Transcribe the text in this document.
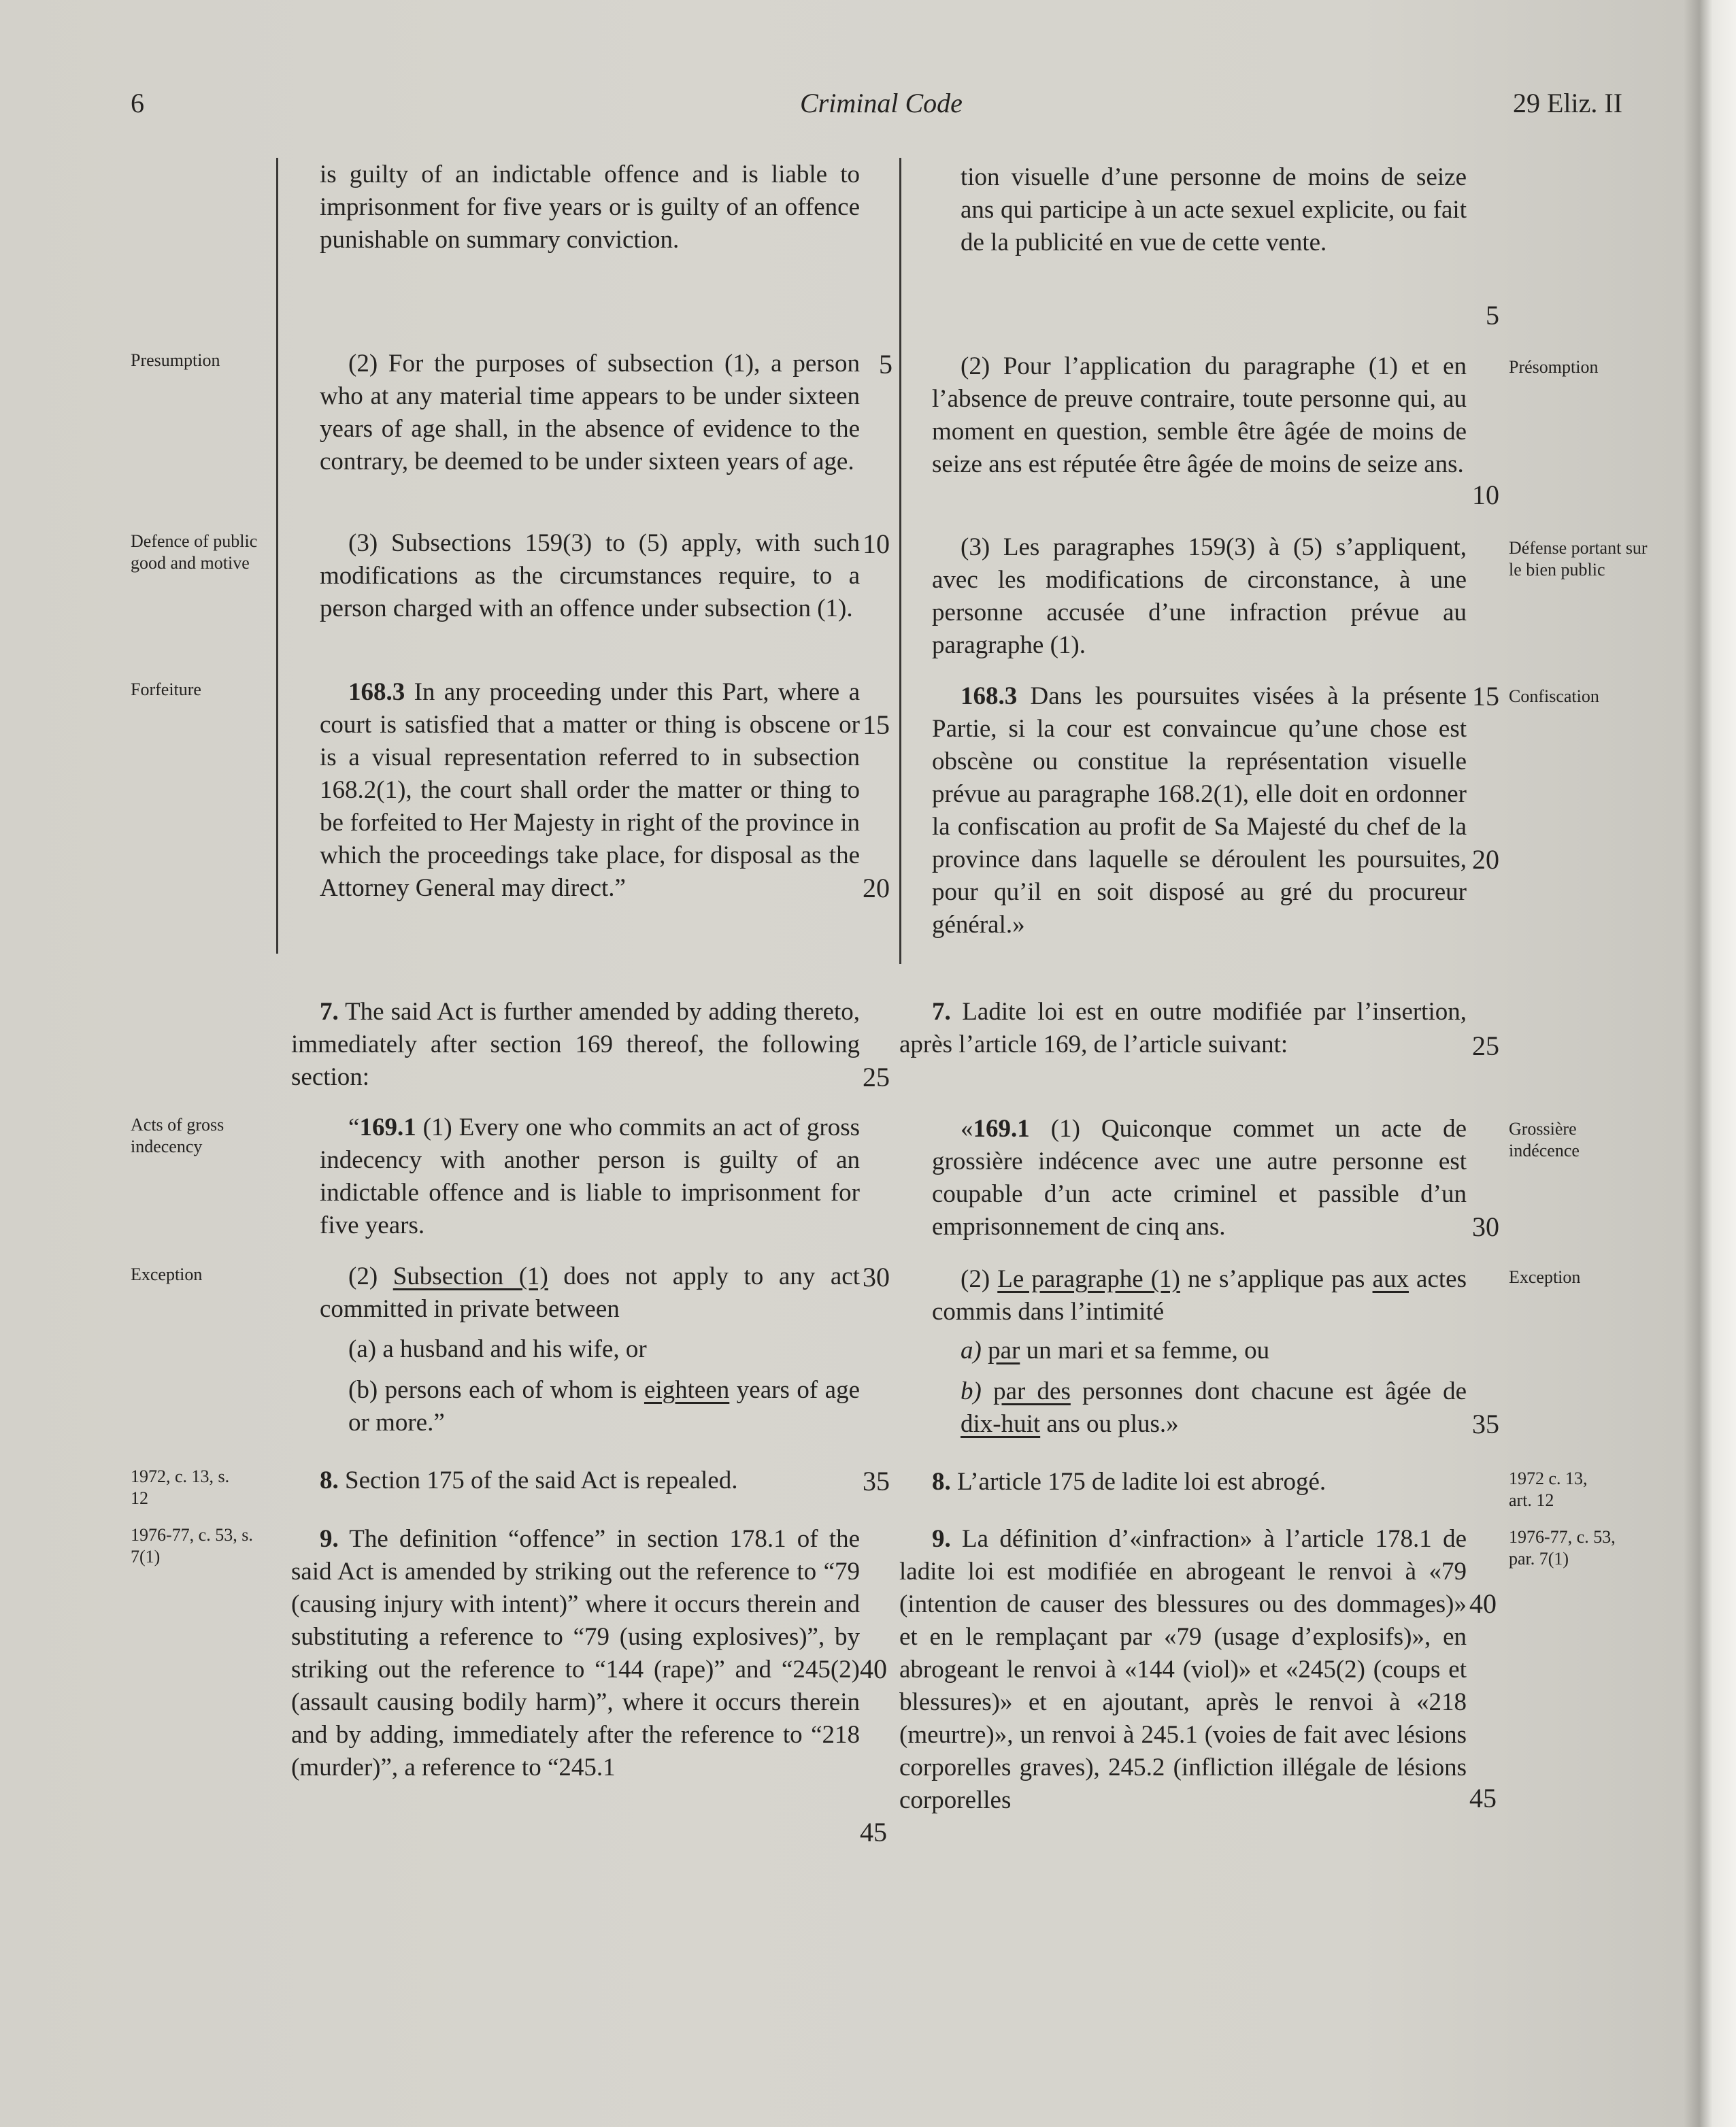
6	Criminal Code	29 Eliz. II
Presumption
Defence of public good and motive
Forfeiture
Acts of gross indecency
Exception
1972, c. 13, s. 12
1976-77, c. 53, s. 7(1)
Présomption
Défense portant sur le bien public
Confiscation
Grossière indécence
Exception
1972 c. 13, art. 12
1976-77, c. 53, par. 7(1)
is guilty of an indictable offence and is liable to imprisonment for five years or is guilty of an offence punishable on summary conviction.
(2) For the purposes of subsection (1), a person who at any material time appears to be under sixteen years of age shall, in the absence of evidence to the contrary, be deemed to be under sixteen years of age.
(3) Subsections 159(3) to (5) apply, with such modifications as the circumstances require, to a person charged with an offence under subsection (1).
168.3 In any proceeding under this Part, where a court is satisfied that a matter or thing is obscene or is a visual representation referred to in subsection 168.2(1), the court shall order the matter or thing to be forfeited to Her Majesty in right of the province in which the proceedings take place, for disposal as the Attorney General may direct.”
7. The said Act is further amended by adding thereto, immediately after section 169 thereof, the following section:
“169.1 (1) Every one who commits an act of gross indecency with another person is guilty of an indictable offence and is liable to imprisonment for five years.
(2) Subsection (1) does not apply to any act committed in private between
(a) a husband and his wife, or
(b) persons each of whom is eighteen years of age or more.”
8. Section 175 of the said Act is repealed.
9. The definition “offence” in section 178.1 of the said Act is amended by striking out the reference to “79 (causing injury with intent)” where it occurs therein and substituting a reference to “79 (using explosives)”, by striking out the reference to “144 (rape)” and “245(2) (assault causing bodily harm)”, where it occurs therein and by adding, immediately after the reference to “218 (murder)”, a reference to “245.1
tion visuelle d’une personne de moins de seize ans qui participe à un acte sexuel explicite, ou fait de la publicité en vue de cette vente.
(2) Pour l’application du paragraphe (1) et en l’absence de preuve contraire, toute personne qui, au moment en question, semble être âgée de moins de seize ans est réputée être âgée de moins de seize ans.
(3) Les paragraphes 159(3) à (5) s’appliquent, avec les modifications de circonstance, à une personne accusée d’une infraction prévue au paragraphe (1).
168.3 Dans les poursuites visées à la présente Partie, si la cour est convaincue qu’une chose est obscène ou constitue la représentation visuelle prévue au paragraphe 168.2(1), elle doit en ordonner la confiscation au profit de Sa Majesté du chef de la province dans laquelle se déroulent les poursuites, pour qu’il en soit disposé au gré du procureur général.»
7. Ladite loi est en outre modifiée par l’insertion, après l’article 169, de l’article suivant:
«169.1 (1) Quiconque commet un acte de grossière indécence avec une autre personne est coupable d’un acte criminel et passible d’un emprisonnement de cinq ans.
(2) Le paragraphe (1) ne s’applique pas aux actes commis dans l’intimité
a) par un mari et sa femme, ou
b) par des personnes dont chacune est âgée de dix-huit ans ou plus.»
8. L’article 175 de ladite loi est abrogé.
9. La définition d’«infraction» à l’article 178.1 de ladite loi est modifiée en abrogeant le renvoi à «79 (intention de causer des blessures ou des dommages)» et en le remplaçant par «79 (usage d’explosifs)», en abrogeant le renvoi à «144 (viol)» et «245(2) (coups et blessures)» et en ajoutant, après le renvoi à «218 (meurtre)», un renvoi à 245.1 (voies de fait avec lésions corporelles graves), 245.2 (infliction illégale de lésions corporelles
5
10
15
20
25
30
35
40
45
5
10
15
20
25
30
35
40
45
